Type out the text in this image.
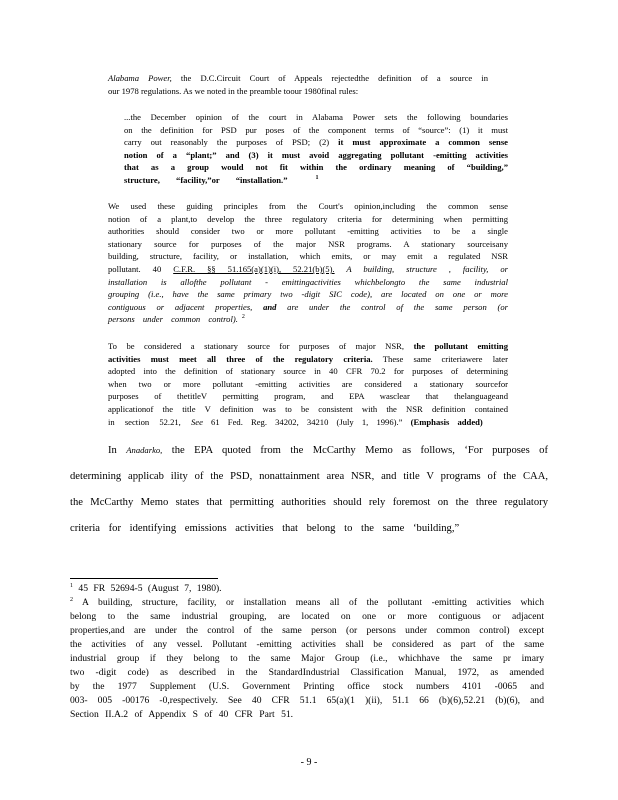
Alabama Power, the D.C.Circuit Court of Appeals rejectedthe definition of a source in
our 1978 regulations. As we noted in the preamble toour 1980final rules:
...the December opinion of the court in Alabama Power sets the following boundaries
on the definition for PSD pur poses of the component terms of “source”: (1) it must
carry out reasonably the purposes of PSD; (2) it must approximate a common sense
notion of a “plant;” and (3) it must avoid aggregating pollutant -emitting activities
that as a group would not fit within the ordinary meaning of “building,”
structure, “facility,”or “installation.”	$^1$
We used these guiding principles from the Court's opinion,including the common sense
notion of a plant,to develop the three regulatory criteria for determining when permitting
authorities should consider two or more pollutant -emitting activities to be a single
stationary source for purposes of the major NSR programs. A stationary sourceisany
building, structure, facility, or installation, which emits, or may emit a regulated NSR
pollutant. 40 C.F.R. §§ 51.165(a)(1)(i), 52.21(b)(5). A building, structure , facility, or
installation is allofthe pollutant - emittingactivities whichbelongto the same industrial
grouping (i.e., have the same primary two -digit SIC code), are located on one or more
contiguous or adjacent properties, and are under the control of the same person (or
persons under common control). $^2$
To be considered a stationary source for purposes of major NSR, the pollutant emitting
activities must meet all three of the regulatory criteria. These same criteriawere later
adopted into the definition of stationary source in 40 CFR 70.2 for purposes of determining
when two or more pollutant -emitting activities are considered a stationary sourcefor
purposes of thetitleV permitting program, and EPA wasclear that thelanguageand
applicationof the title V definition was to be consistent with the NSR definition contained
in section 52.21, See 61 Fed. Reg. 34202, 34210 (July 1, 1996).” (Emphasis added)
In Anadarko, the EPA quoted from the McCarthy Memo as follows, ‘For purposes of
determining applicab ility of the PSD, nonattainment area NSR, and title V programs of the CAA,
the McCarthy Memo states that permitting authorities should rely foremost on the three regulatory
criteria for identifying emissions activities that belong to the same ‘building,”
$^1$ 45 FR 52694-5 (August 7, 1980).
$^2$ A building, structure, facility, or installation means all of the pollutant -emitting activities which
belong to the same industrial grouping, are located on one or more contiguous or adjacent
properties,and are under the control of the same person (or persons under common control) except
the activities of any vessel. Pollutant -emitting activities shall be considered as part of the same
industrial group if they belong to the same Major Group (i.e., whichhave the same pr imary
two -digit code) as described in the StandardIndustrial Classification Manual, 1972, as amended
by the 1977 Supplement (U.S. Government Printing office stock numbers 4101 -0065 and
003- 005 -00176 -0,respectively. See 40 CFR 51.1 65(a)(1 )(ii), 51.1 66 (b)(6),52.21 (b)(6), and
Section II.A.2 of Appendix S of 40 CFR Part 51.
- 9 -
